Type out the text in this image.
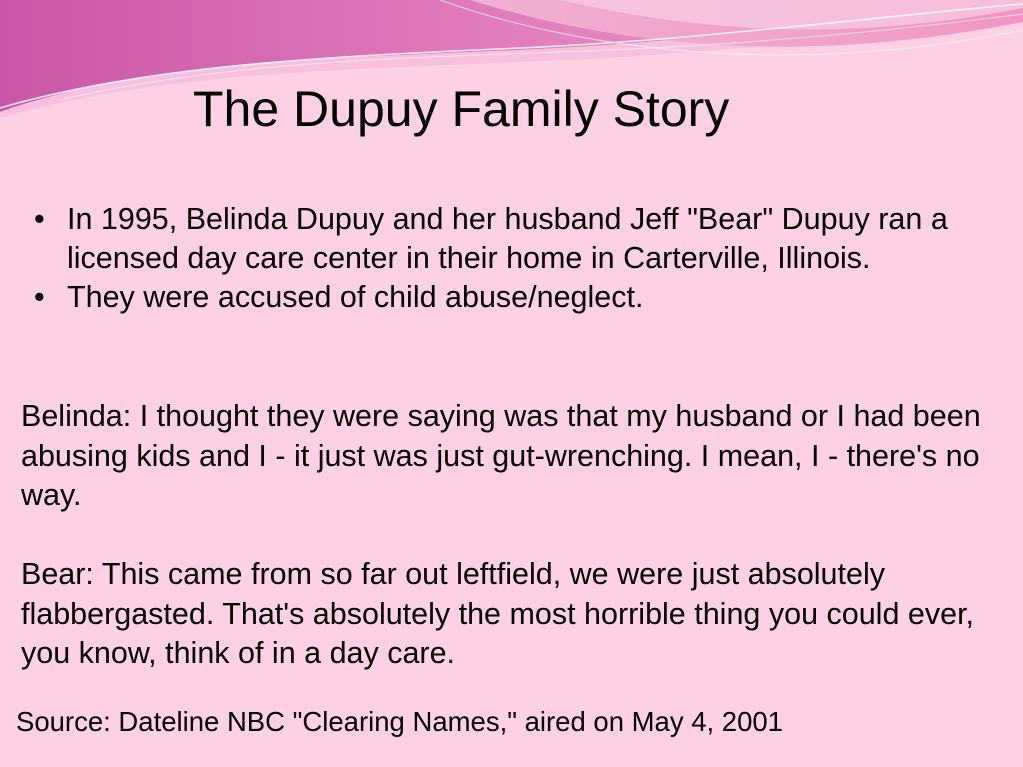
The Dupuy Family Story
• In 1995, Belinda Dupuy and her husband Jeff "Bear" Dupuy ran a licensed day care center in their home in Carterville, Illinois.
• They were accused of child abuse/neglect.

Belinda: I thought they were saying was that my husband or I had been abusing kids and I - it just was just gut-wrenching. I mean, I - there's no way.

Bear: This came from so far out leftfield, we were just absolutely flabbergasted. That's absolutely the most horrible thing you could ever, you know, think of in a day care.

Source: Dateline NBC "Clearing Names," aired on May 4, 2001
